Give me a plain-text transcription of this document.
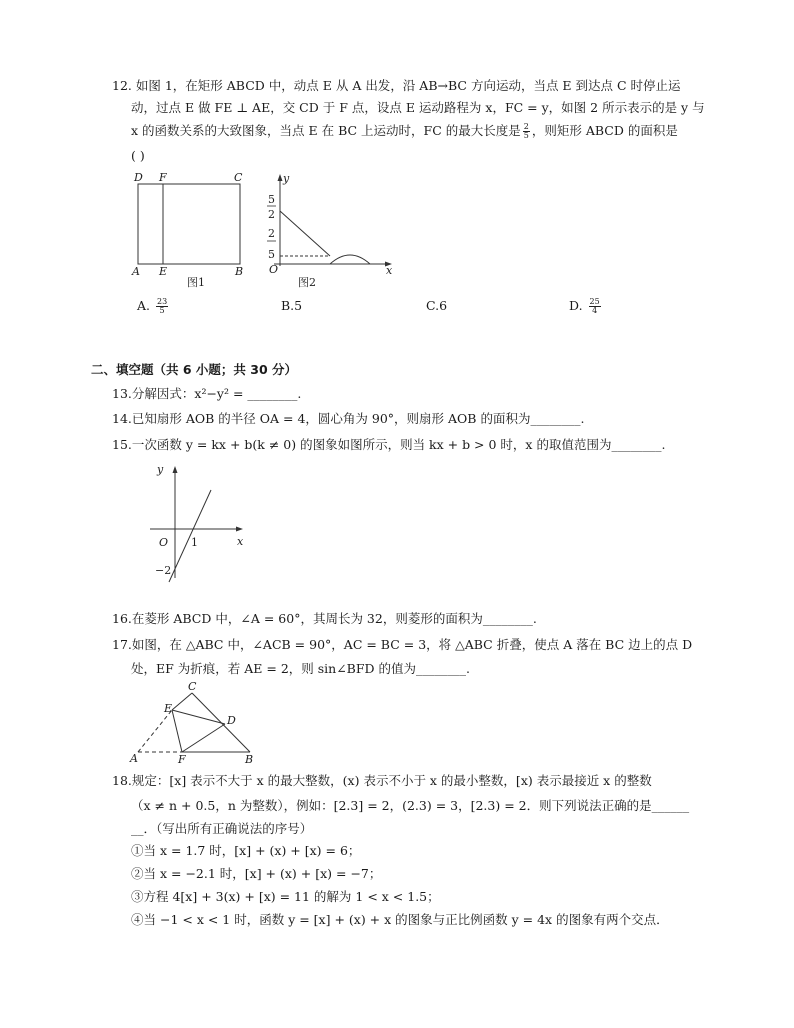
12. 如图 1，在矩形 ABCD 中，动点 E 从 A 出发，沿 AB→BC 方向运动，当点 E 到达点 C 时停止运
动，过点 E 做 FE ⊥ AE，交 CD 于 F 点，设点 E 运动路程为 x，FC = y，如图 2 所示表示的是 y 与
x 的函数关系的大致图象，当点 E 在 BC 上运动时，FC 的最大长度是 $\frac{2}{5}$ ，则矩形 ABCD 的面积是
( )
D F	C
A E	B
图1
y
x
O
5
2
2
5
图2
A. $\frac{23}{5}$	B.5	C.6	D. $\frac{25}{4}$
二、填空题（共 6 小题；共 30 分）
13.分解因式：x²−y² = ________.
14.已知扇形 AOB 的半径 OA = 4，圆心角为 90°，则扇形 AOB 的面积为________.
15.一次函数 y = kx + b(k ≠ 0) 的图象如图所示，则当 kx + b > 0 时，x 的取值范围为________.
y
x
O 1
−2
16.在菱形 ABCD 中，∠A = 60°，其周长为 32，则菱形的面积为________.
17.如图，在 △ABC 中，∠ACB = 90°，AC = BC = 3，将 △ABC 折叠，使点 A 落在 BC 边上的点 D
处，EF 为折痕，若 AE = 2，则 sin∠BFD 的值为________.
C
E
D
A	F	B
18.规定：[x] 表示不大于 x 的最大整数，(x) 表示不小于 x 的最小整数，[x) 表示最接近 x 的整数
（x ≠ n + 0.5，n 为整数），例如：[2.3] = 2，(2.3) = 3，[2.3) = 2．则下列说法正确的是______
__．（写出所有正确说法的序号）
①当 x = 1.7 时，[x] + (x) + [x) = 6；
②当 x = −2.1 时，[x] + (x) + [x) = −7；
③方程 4[x] + 3(x) + [x) = 11 的解为 1 < x < 1.5；
④当 −1 < x < 1 时，函数 y = [x] + (x) + x 的图象与正比例函数 y = 4x 的图象有两个交点．
